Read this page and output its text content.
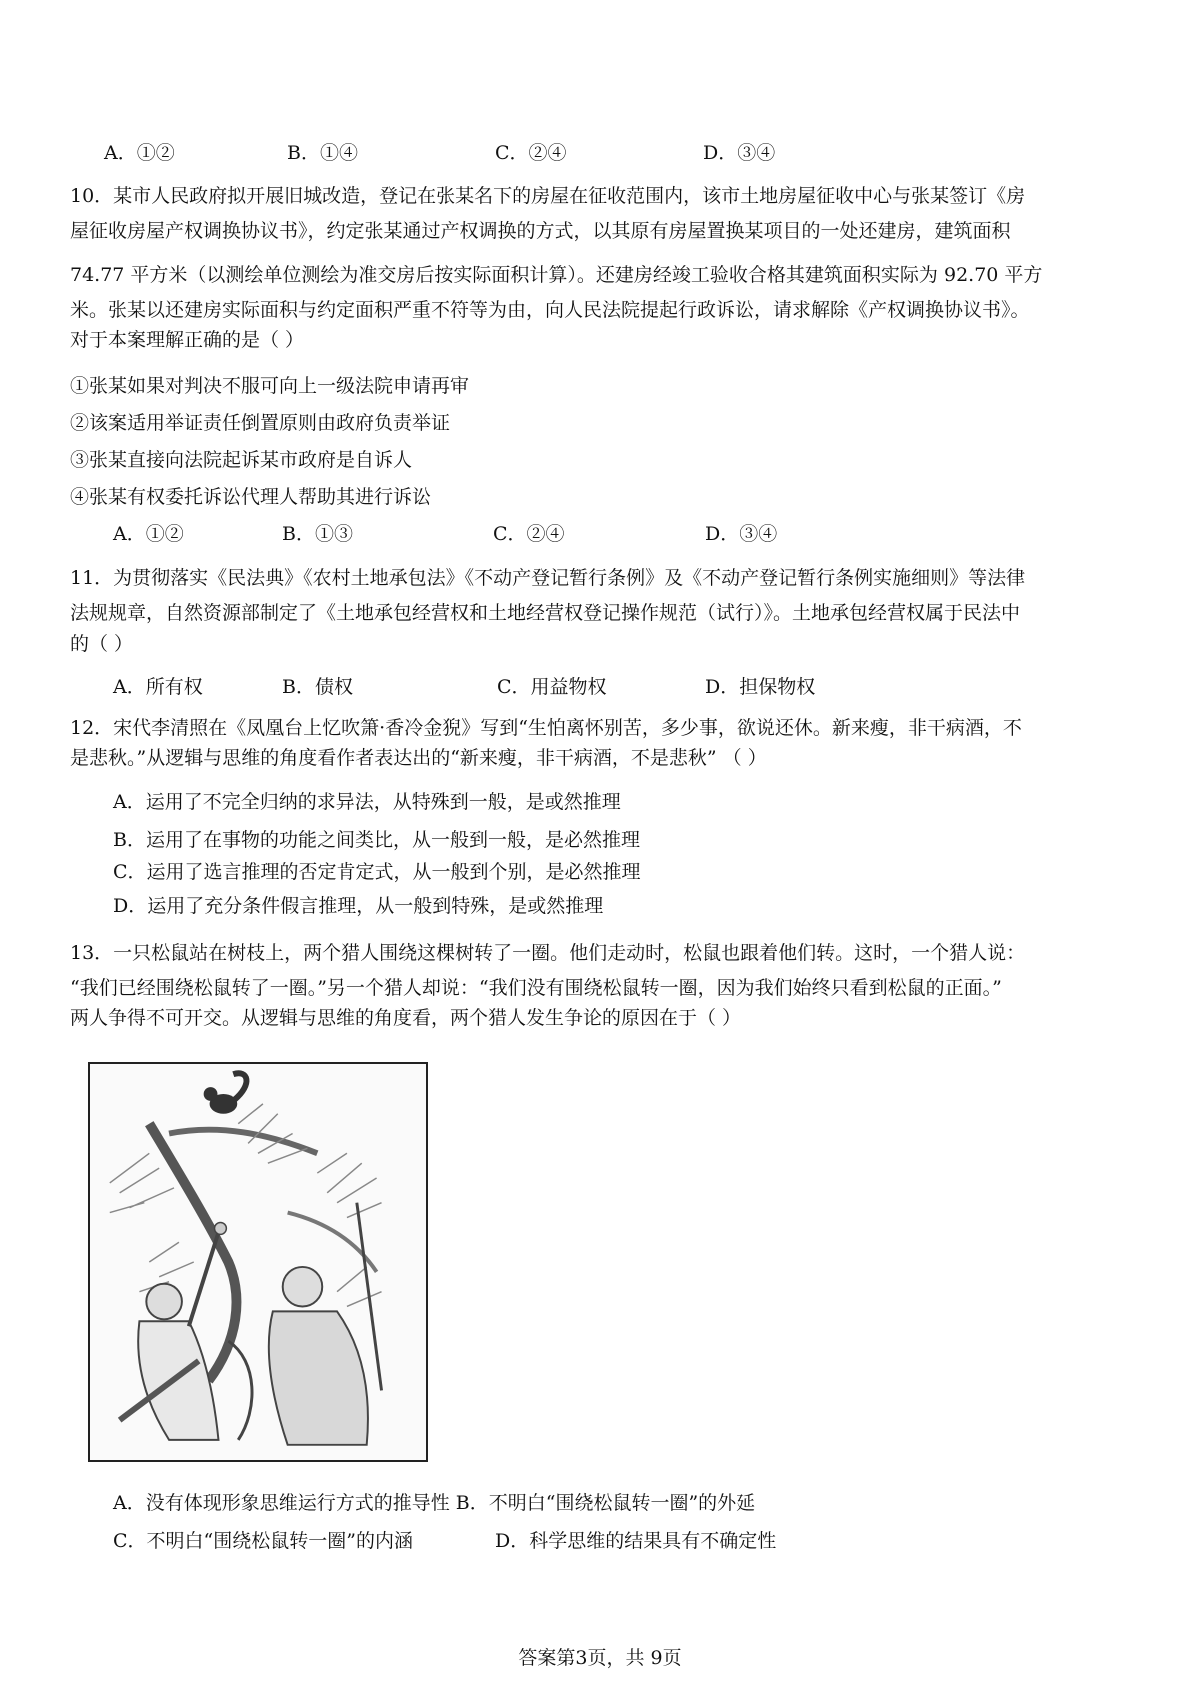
A．①②	B．①④	C．②④	D．③④
10．某市人民政府拟开展旧城改造，登记在张某名下的房屋在征收范围内，该市土地房屋征收中心与张某签订《房
屋征收房屋产权调换协议书》，约定张某通过产权调换的方式，以其原有房屋置换某项目的一处还建房，建筑面积
74.77 平方米（以测绘单位测绘为准交房后按实际面积计算）。还建房经竣工验收合格其建筑面积实际为 92.70 平方
米。张某以还建房实际面积与约定面积严重不符等为由，向人民法院提起行政诉讼，请求解除《产权调换协议书》。
对于本案理解正确的是（ ）
①张某如果对判决不服可向上一级法院申请再审
②该案适用举证责任倒置原则由政府负责举证
③张某直接向法院起诉某市政府是自诉人
④张某有权委托诉讼代理人帮助其进行诉讼
A．①②	B．①③	C．②④	D．③④
11．为贯彻落实《民法典》《农村土地承包法》《不动产登记暂行条例》及《不动产登记暂行条例实施细则》等法律
法规规章，自然资源部制定了《土地承包经营权和土地经营权登记操作规范（试行）》。土地承包经营权属于民法中
的（ ）
A．所有权	B．债权	C．用益物权	D．担保物权
12．宋代李清照在《凤凰台上忆吹箫·香冷金猊》写到“生怕离怀别苦，多少事，欲说还休。新来瘦，非干病酒，不
是悲秋。”从逻辑与思维的角度看作者表达出的“新来瘦，非干病酒，不是悲秋” （ ）
A．运用了不完全归纳的求异法，从特殊到一般，是或然推理
B．运用了在事物的功能之间类比，从一般到一般，是必然推理
C．运用了选言推理的否定肯定式，从一般到个别，是必然推理
D．运用了充分条件假言推理，从一般到特殊，是或然推理
13．一只松鼠站在树枝上，两个猎人围绕这棵树转了一圈。他们走动时，松鼠也跟着他们转。这时，一个猎人说：
“我们已经围绕松鼠转了一圈。”另一个猎人却说：“我们没有围绕松鼠转一圈，因为我们始终只看到松鼠的正面。”
两人争得不可开交。从逻辑与思维的角度看，两个猎人发生争论的原因在于（ ）
A．没有体现形象思维运行方式的推导性 B．不明白“围绕松鼠转一圈”的外延
C．不明白“围绕松鼠转一圈”的内涵	D．科学思维的结果具有不确定性
答案第3页，共 9页
